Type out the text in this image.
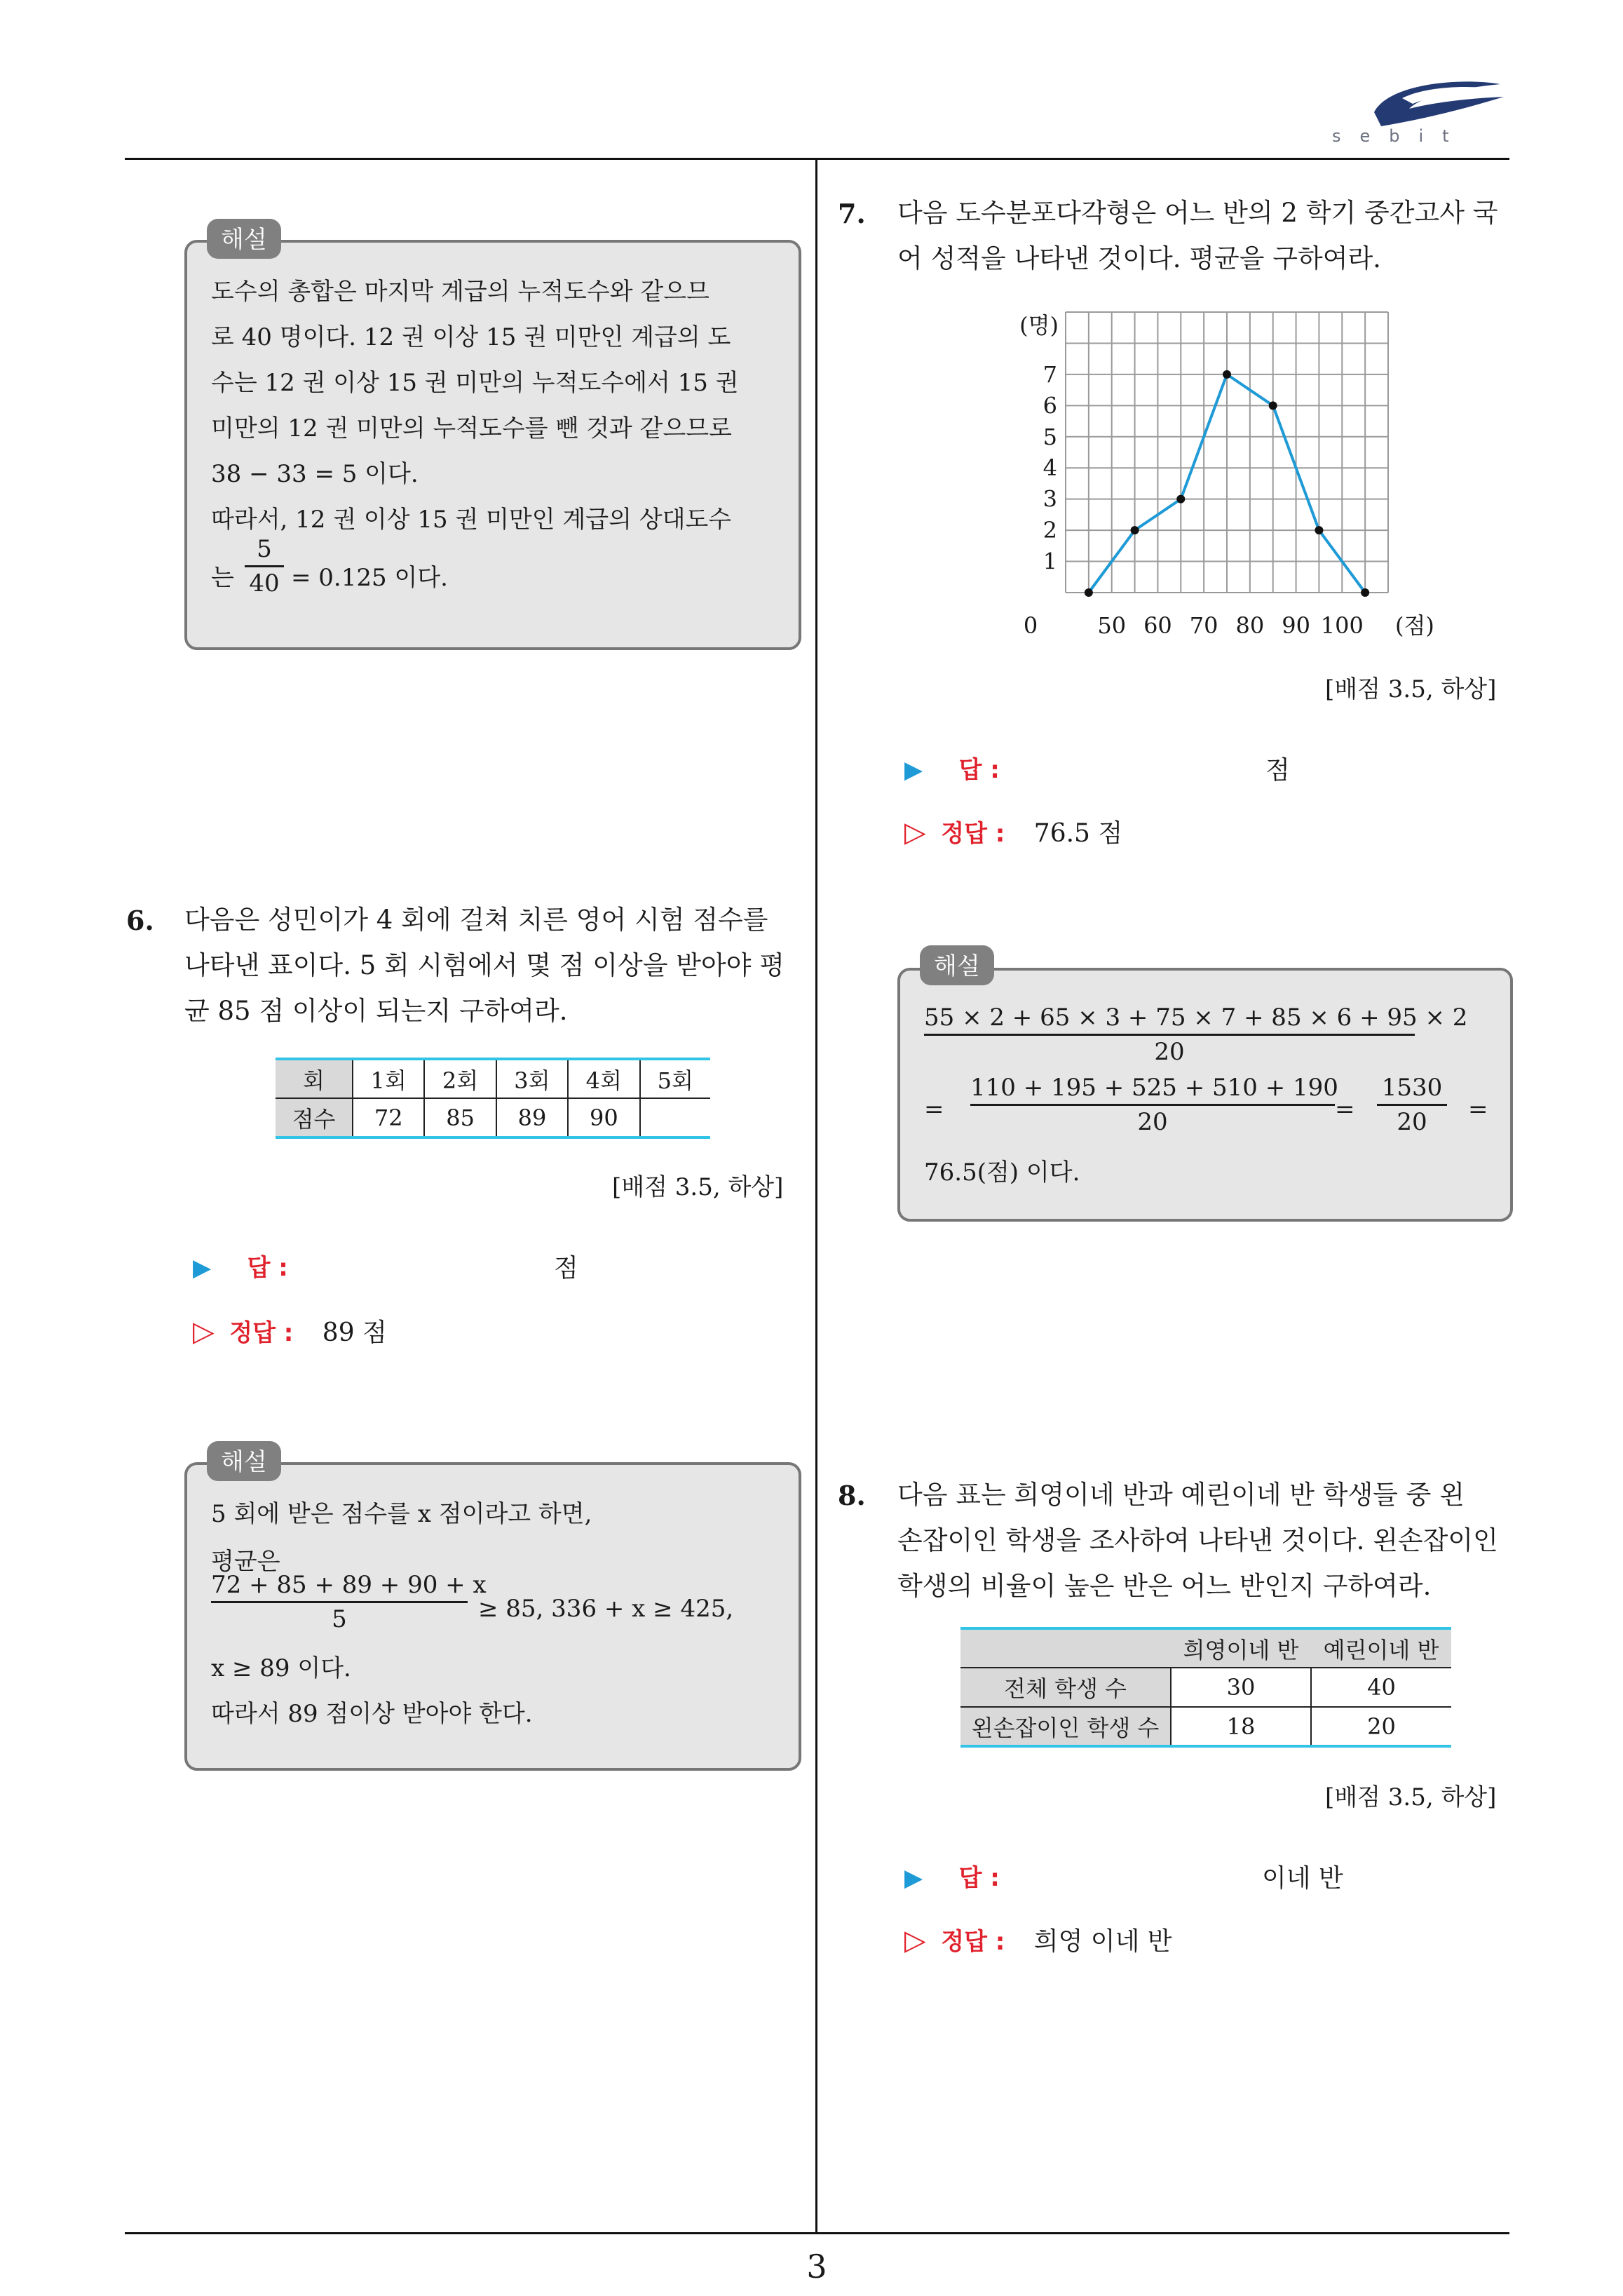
sebit
3
도수의 총합은 마지막 계급의 누적도수와 같으므
로 40 명이다. 12 권 이상 15 권 미만인 계급의 도
수는 12 권 이상 15 권 미만의 누적도수에서 15 권
미만의 12 권 미만의 누적도수를 뺀 것과 같으므로
38 − 33 = 5 이다.
따라서, 12 권 이상 15 권 미만인 계급의 상대도수
는
5
40 = 0.125 이다.
해설
6. 다음은 성민이가 4 회에 걸쳐 치른 영어 시험 점수를
나타낸 표이다. 5 회 시험에서 몇 점 이상을 받아야 평
균 85 점 이상이 되는지 구하여라.
회	1회	2회	3회	4회	5회
점수	72	85	89	90	
[배점 3.5, 하상]
▶ 답 :	점
▷ 정답 : 89 점
5 회에 받은 점수를 x 점이라고 하면,
평균은
72 + 85 + 89 + 90 + x
5	≥ 85, 336 + x ≥ 425,
x ≥ 89 이다.
따라서 89 점이상 받아야 한다.
해설
7. 다음 도수분포다각형은 어느 반의 2 학기 중간고사 국
어 성적을 나타낸 것이다. 평균을 구하여라.
1
2
3
4
5
6
7
0	50 60 70 80 90 100 (점)
(명)
[배점 3.5, 하상]
▶ 답 :	점
▷ 정답 : 76.5 점
55 × 2 + 65 × 3 + 75 × 7 + 85 × 6 + 95 × 2
20
=
110 + 195 + 525 + 510 + 190
20	=
1530
20	=
76.5(점) 이다.
해설
8. 다음 표는 희영이네 반과 예린이네 반 학생들 중 왼
손잡이인 학생을 조사하여 나타낸 것이다. 왼손잡이인
학생의 비율이 높은 반은 어느 반인지 구하여라.
	희영이네 반	예린이네 반
전체 학생 수	30	40
왼손잡이인 학생 수	18	20
[배점 3.5, 하상]
▶ 답 :	이네 반
▷ 정답 : 희영 이네 반
